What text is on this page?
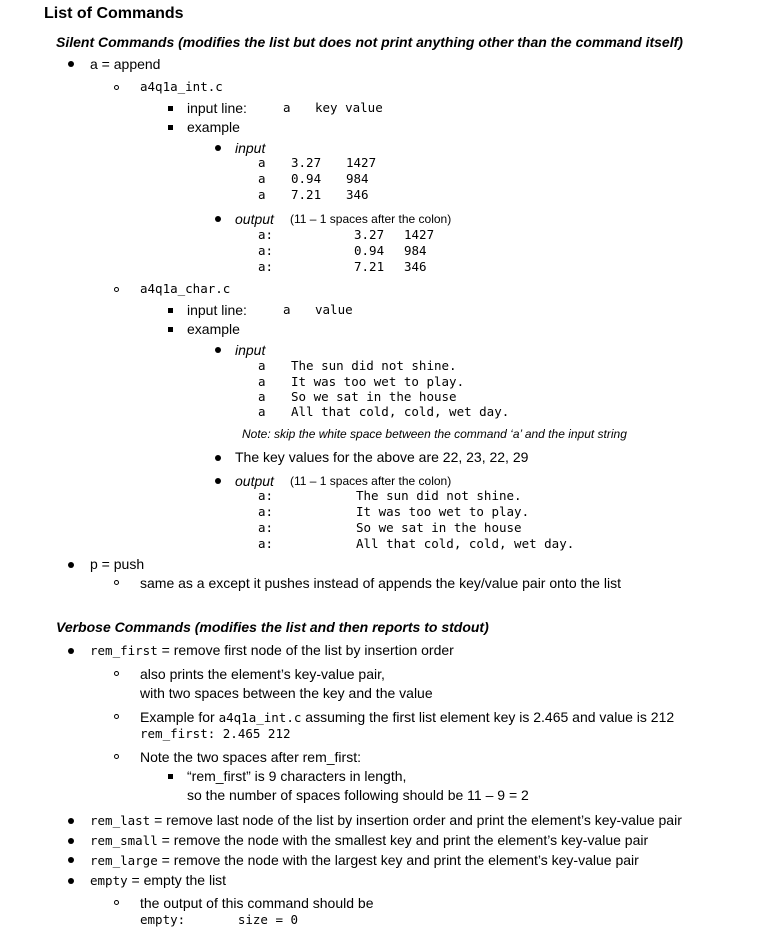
List of Commands
Silent Commands (modifies the list but does not print anything other than the command itself)
a = append
a4q1a_int.c
input line:	a key value
example
input
a 3.27 1427
a 0.94 984
a 7.21 346
output (11 – 1 spaces after the colon)
a:	3.27 1427
a:	0.94 984
a:	7.21 346
a4q1a_char.c
input line:	a value
example
input
a The sun did not shine.
a It was too wet to play.
a So we sat in the house
a All that cold, cold, wet day.
Note: skip the white space between the command ‘a’ and the input string
The key values for the above are 22, 23, 22, 29
output (11 – 1 spaces after the colon)
a:	The sun did not shine.
a:	It was too wet to play.
a:	So we sat in the house
a:	All that cold, cold, wet day.
p = push
same as a except it pushes instead of appends the key/value pair onto the list
Verbose Commands (modifies the list and then reports to stdout)
rem_first = remove first node of the list by insertion order
also prints the element’s key-value pair,
with two spaces between the key and the value
Example for a4q1a_int.c assuming the first list element key is 2.465 and value is 212
rem_first: 2.465 212
Note the two spaces after rem_first:
“rem_first” is 9 characters in length,
so the number of spaces following should be 11 – 9 = 2
rem_last = remove last node of the list by insertion order and print the element’s key-value pair
rem_small = remove the node with the smallest key and print the element’s key-value pair
rem_large = remove the node with the largest key and print the element’s key-value pair
empty = empty the list
the output of this command should be
empty:       size = 0
